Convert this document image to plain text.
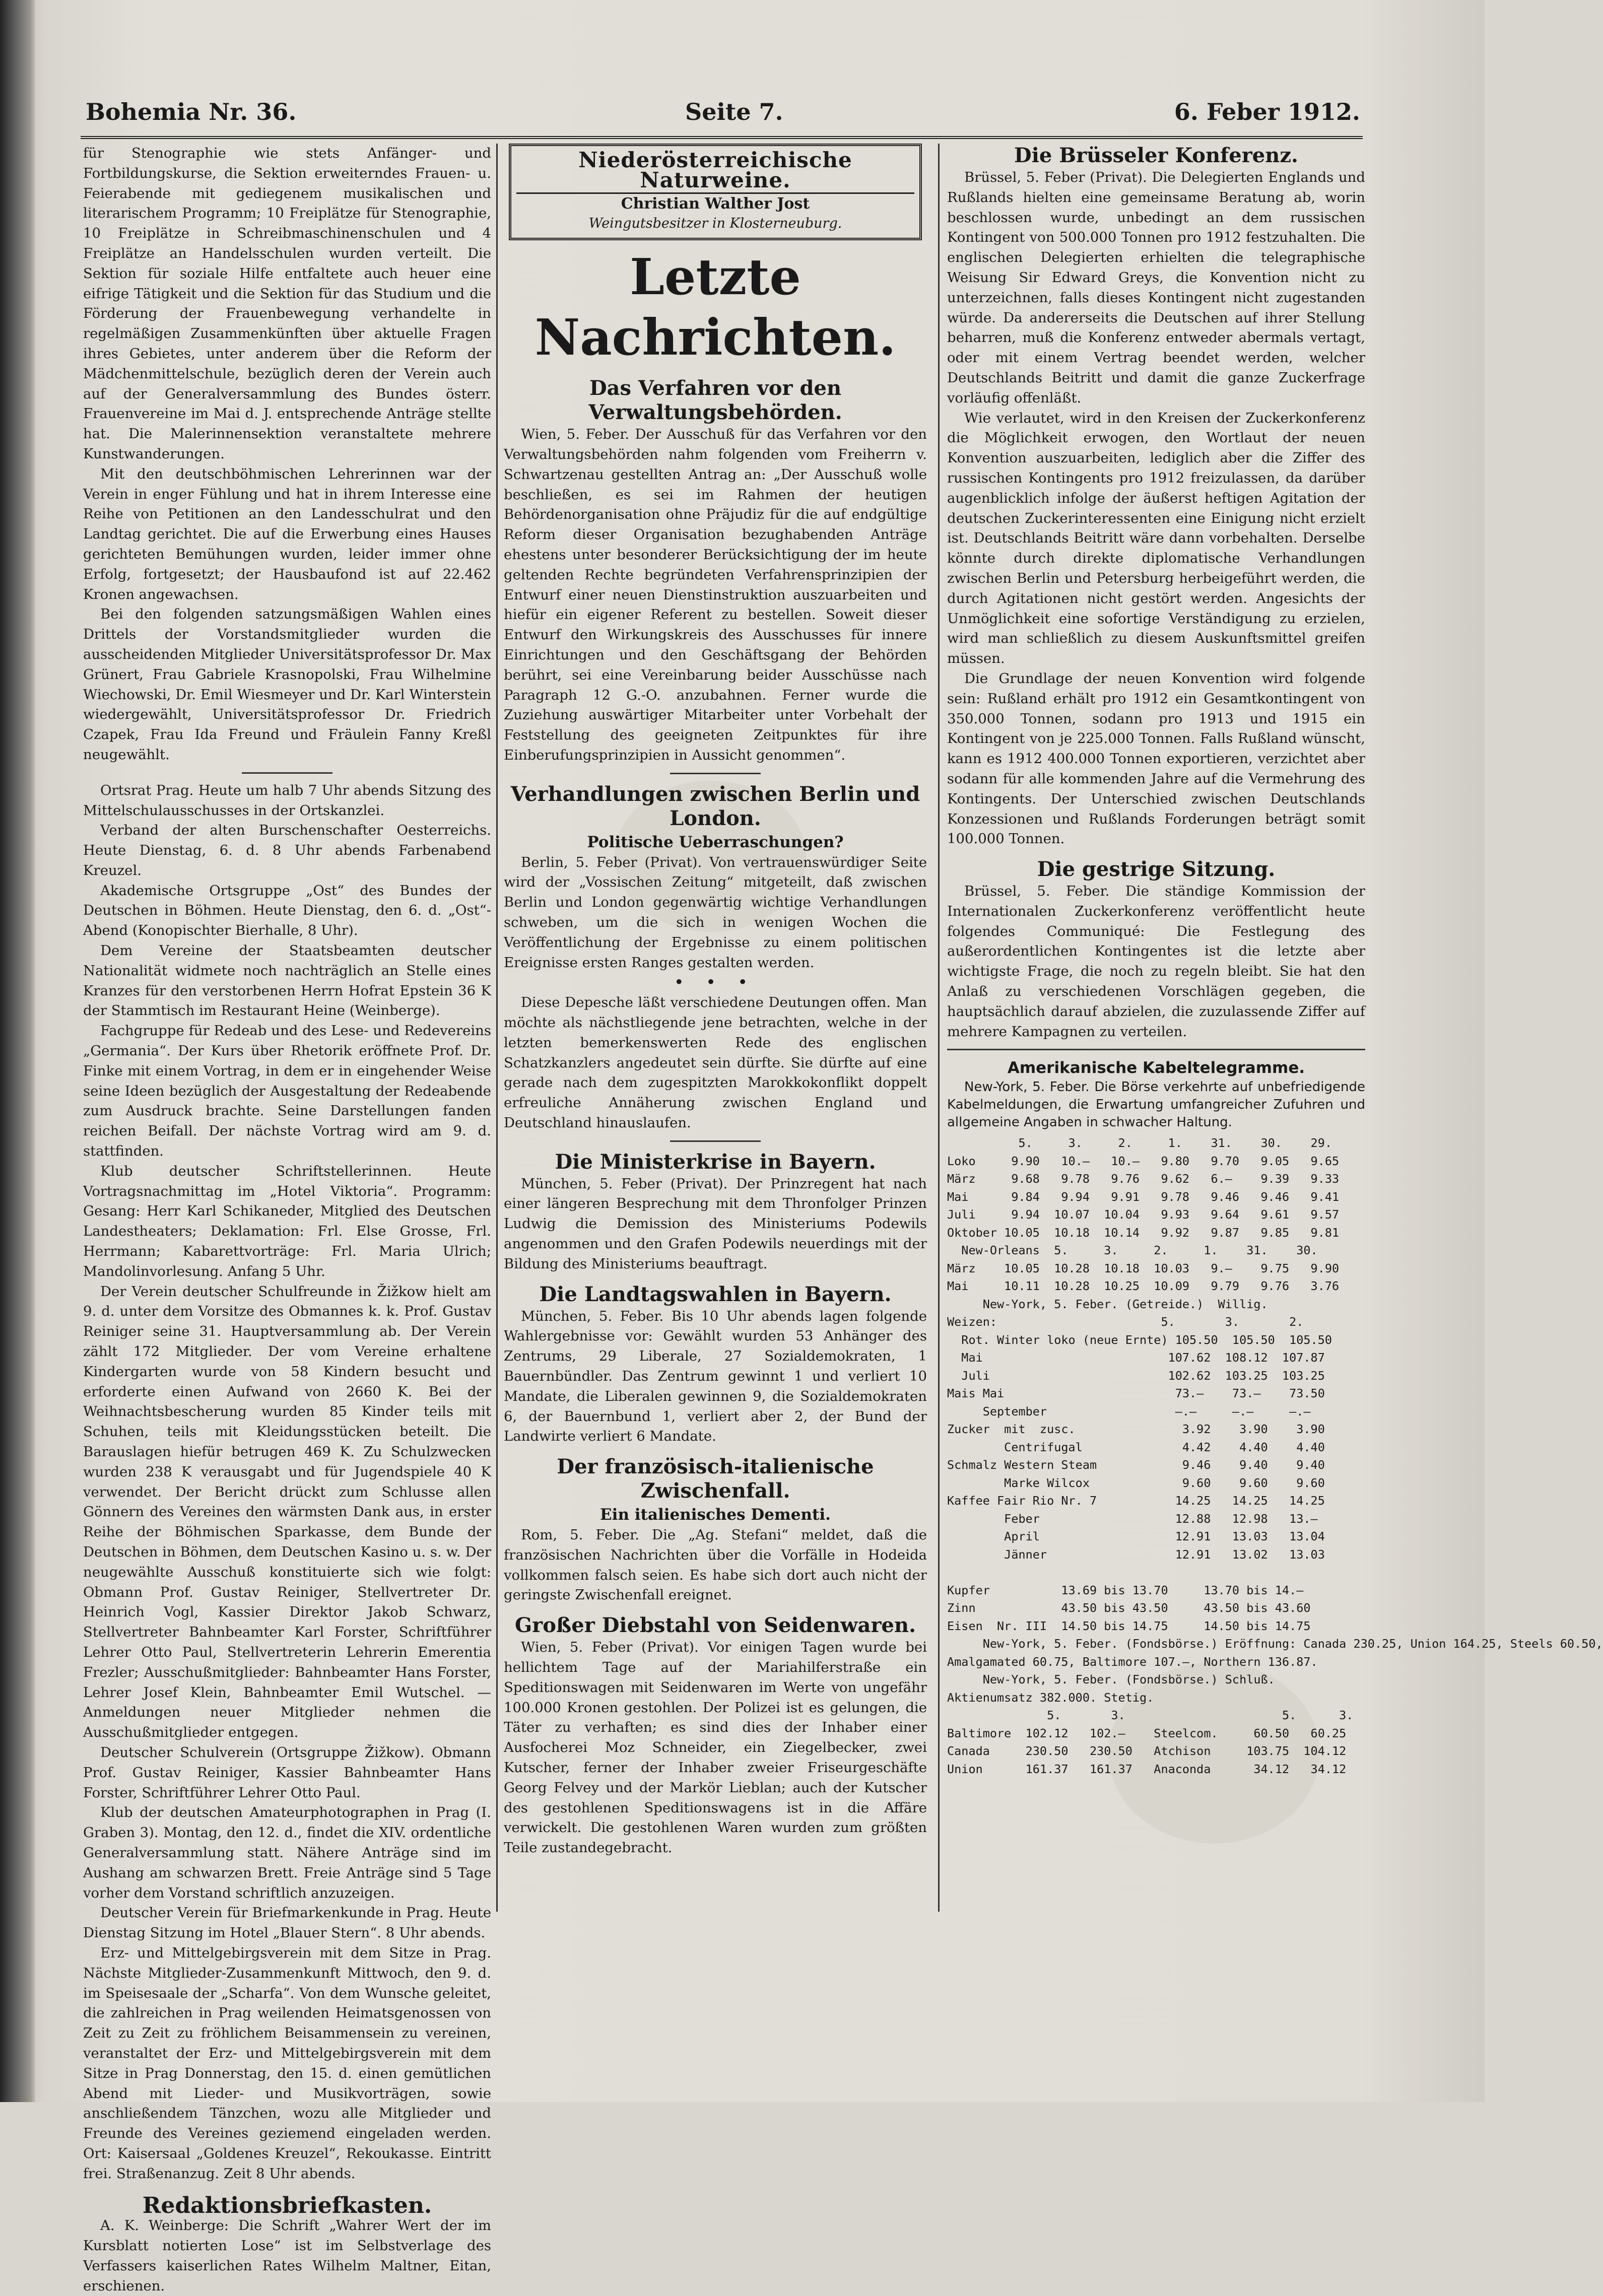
Bohemia Nr. 36.	Seite 7.	6. Feber 1912.

für Stenographie wie stets Anfänger- und Fortbildungskurse, die Sektion erweiterndes Frauen- u. Feierabende mit gediegenem musikalischen und literarischem Programm; 10 Freiplätze für Stenographie, 10 Freiplätze in Schreibmaschinenschulen und 4 Freiplätze an Handelsschulen wurden verteilt. Die Sektion für soziale Hilfe entfaltete auch heuer eine eifrige Tätigkeit und die Sektion für das Studium und die Förderung der Frauenbewegung verhandelte in regelmäßigen Zusammenkünften über aktuelle Fragen ihres Gebietes, unter anderem über die Reform der Mädchenmittelschule, bezüglich deren der Verein auch auf der Generalversammlung des Bundes österr. Frauenvereine im Mai d. J. entsprechende Anträge stellte hat. Die Malerinnensektion veranstaltete mehrere Kunstwanderungen.

Mit den deutschböhmischen Lehrerinnen war der Verein in enger Fühlung und hat in ihrem Interesse eine Reihe von Petitionen an den Landesschulrat und den Landtag gerichtet. Die auf die Erwerbung eines Hauses gerichteten Bemühungen wurden, leider immer ohne Erfolg, fortgesetzt; der Hausbaufond ist auf 22.462 Kronen angewachsen.

Bei den folgenden satzungsmäßigen Wahlen eines Drittels der Vorstandsmitglieder wurden die ausscheidenden Mitglieder Universitätsprofessor Dr. Max Grünert, Frau Gabriele Krasnopolski, Frau Wilhelmine Wiechowski, Dr. Emil Wiesmeyer und Dr. Karl Winterstein wiedergewählt, Universitätsprofessor Dr. Friedrich Czapek, Frau Ida Freund und Fräulein Fanny Kreßl neugewählt.

Ortsrat Prag. Heute um halb 7 Uhr abends Sitzung des Mittelschulausschusses in der Ortskanzlei.

Verband der alten Burschenschafter Oesterreichs. Heute Dienstag, 6. d. 8 Uhr abends Farbenabend Kreuzel.

Akademische Ortsgruppe „Ost“ des Bundes der Deutschen in Böhmen. Heute Dienstag, den 6. d. „Ost“-Abend (Konopischter Bierhalle, 8 Uhr).

Dem Vereine der Staatsbeamten deutscher Nationalität widmete noch nachträglich an Stelle eines Kranzes für den verstorbenen Herrn Hofrat Epstein 36 K der Stammtisch im Restaurant Heine (Weinberge).

Fachgruppe für Redeab und des Lese- und Redevereins „Germania“. Der Kurs über Rhetorik eröffnete Prof. Dr. Finke mit einem Vortrag, in dem er in eingehender Weise seine Ideen bezüglich der Ausgestaltung der Redeabende zum Ausdruck brachte. Seine Darstellungen fanden reichen Beifall. Der nächste Vortrag wird am 9. d. stattfinden.

Klub deutscher Schriftstellerinnen. Heute Vortragsnachmittag im „Hotel Viktoria“. Programm: Gesang: Herr Karl Schikaneder, Mitglied des Deutschen Landestheaters; Deklamation: Frl. Else Grosse, Frl. Herrmann; Kabarettvorträge: Frl. Maria Ulrich; Mandolinvorlesung. Anfang 5 Uhr.

Der Verein deutscher Schulfreunde in Žižkow hielt am 9. d. unter dem Vorsitze des Obmannes k. k. Prof. Gustav Reiniger seine 31. Hauptversammlung ab. Der Verein zählt 172 Mitglieder. Der vom Vereine erhaltene Kindergarten wurde von 58 Kindern besucht und erforderte einen Aufwand von 2660 K. Bei der Weihnachtsbescherung wurden 85 Kinder teils mit Schuhen, teils mit Kleidungsstücken beteilt. Die Barauslagen hiefür betrugen 469 K. Zu Schulzwecken wurden 238 K verausgabt und für Jugendspiele 40 K verwendet. Der Bericht drückt zum Schlusse allen Gönnern des Vereines den wärmsten Dank aus, in erster Reihe der Böhmischen Sparkasse, dem Bunde der Deutschen in Böhmen, dem Deutschen Kasino u. s. w. Der neugewählte Ausschuß konstituierte sich wie folgt: Obmann Prof. Gustav Reiniger, Stellvertreter Dr. Heinrich Vogl, Kassier Direktor Jakob Schwarz, Stellvertreter Bahnbeamter Karl Forster, Schriftführer Lehrer Otto Paul, Stellvertreterin Lehrerin Emerentia Frezler; Ausschußmitglieder: Bahnbeamter Hans Forster, Lehrer Josef Klein, Bahnbeamter Emil Wutschel. — Anmeldungen neuer Mitglieder nehmen die Ausschußmitglieder entgegen.

Deutscher Schulverein (Ortsgruppe Žižkow). Obmann Prof. Gustav Reiniger, Kassier Bahnbeamter Hans Forster, Schriftführer Lehrer Otto Paul.

Klub der deutschen Amateurphotographen in Prag (I. Graben 3). Montag, den 12. d., findet die XIV. ordentliche Generalversammlung statt. Nähere Anträge sind im Aushang am schwarzen Brett. Freie Anträge sind 5 Tage vorher dem Vorstand schriftlich anzuzeigen.

Deutscher Verein für Briefmarkenkunde in Prag. Heute Dienstag Sitzung im Hotel „Blauer Stern“. 8 Uhr abends.

Erz- und Mittelgebirgsverein mit dem Sitze in Prag. Nächste Mitglieder-Zusammenkunft Mittwoch, den 9. d. im Speisesaale der „Scharfa“. Von dem Wunsche geleitet, die zahlreichen in Prag weilenden Heimatsgenossen von Zeit zu Zeit zu fröhlichem Beisammensein zu vereinen, veranstaltet der Erz- und Mittelgebirgsverein mit dem Sitze in Prag Donnerstag, den 15. d. einen gemütlichen Abend mit Lieder- und Musikvorträgen, sowie anschließendem Tänzchen, wozu alle Mitglieder und Freunde des Vereines geziemend eingeladen werden. Ort: Kaisersaal „Goldenes Kreuzel“, Rekoukasse. Eintritt frei. Straßenanzug. Zeit 8 Uhr abends.

Redaktionsbriefkasten.

A. K. Weinberge: Die Schrift „Wahrer Wert der im Kursblatt notierten Lose“ ist im Selbstverlage des Verfassers kaiserlichen Rates Wilhelm Maltner, Eitan, erschienen.

Niederösterreichische Naturweine.
Christian Walther Jost
Weingutsbesitzer in Klosterneuburg.
Letzte Nachrichten.
Das Verfahren vor den Verwaltungsbehörden.

Wien, 5. Feber. Der Ausschuß für das Verfahren vor den Verwaltungsbehörden nahm folgenden vom Freiherrn v. Schwartzenau gestellten Antrag an: „Der Ausschuß wolle beschließen, es sei im Rahmen der heutigen Behördenorganisation ohne Präjudiz für die auf endgültige Reform dieser Organisation bezughabenden Anträge ehestens unter besonderer Berücksichtigung der im heute geltenden Rechte begründeten Verfahrensprinzipien der Entwurf einer neuen Dienstinstruktion auszuarbeiten und hiefür ein eigener Referent zu bestellen. Soweit dieser Entwurf den Wirkungskreis des Ausschusses für innere Einrichtungen und den Geschäftsgang der Behörden berührt, sei eine Vereinbarung beider Ausschüsse nach Paragraph 12 G.-O. anzubahnen. Ferner wurde die Zuziehung auswärtiger Mitarbeiter unter Vorbehalt der Feststellung des geeigneten Zeitpunktes für ihre Einberufungsprinzipien in Aussicht genommen“.

Verhandlungen zwischen Berlin und London.
Politische Ueberraschungen?

Berlin, 5. Feber (Privat). Von vertrauenswürdiger Seite wird der „Vossischen Zeitung“ mitgeteilt, daß zwischen Berlin und London gegenwärtig wichtige Verhandlungen schweben, um die sich in wenigen Wochen die Veröffentlichung der Ergebnisse zu einem politischen Ereignisse ersten Ranges gestalten werden.

• • •

Diese Depesche läßt verschiedene Deutungen offen. Man möchte als nächstliegende jene betrachten, welche in der letzten bemerkenswerten Rede des englischen Schatzkanzlers angedeutet sein dürfte. Sie dürfte auf eine gerade nach dem zugespitzten Marokkokonflikt doppelt erfreuliche Annäherung zwischen England und Deutschland hinauslaufen.

Die Ministerkrise in Bayern.

München, 5. Feber (Privat). Der Prinzregent hat nach einer längeren Besprechung mit dem Thronfolger Prinzen Ludwig die Demission des Ministeriums Podewils angenommen und den Grafen Podewils neuerdings mit der Bildung des Ministeriums beauftragt.

Die Landtagswahlen in Bayern.

München, 5. Feber. Bis 10 Uhr abends lagen folgende Wahlergebnisse vor: Gewählt wurden 53 Anhänger des Zentrums, 29 Liberale, 27 Sozialdemokraten, 1 Bauernbündler. Das Zentrum gewinnt 1 und verliert 10 Mandate, die Liberalen gewinnen 9, die Sozialdemokraten 6, der Bauernbund 1, verliert aber 2, der Bund der Landwirte verliert 6 Mandate.

Der französisch-italienische Zwischenfall.
Ein italienisches Dementi.

Rom, 5. Feber. Die „Ag. Stefani“ meldet, daß die französischen Nachrichten über die Vorfälle in Hodeida vollkommen falsch seien. Es habe sich dort auch nicht der geringste Zwischenfall ereignet.

Großer Diebstahl von Seidenwaren.

Wien, 5. Feber (Privat). Vor einigen Tagen wurde bei hellichtem Tage auf der Mariahilferstraße ein Speditionswagen mit Seidenwaren im Werte von ungefähr 100.000 Kronen gestohlen. Der Polizei ist es gelungen, die Täter zu verhaften; es sind dies der Inhaber einer Ausfocherei Moz Schneider, ein Ziegelbecker, zwei Kutscher, ferner der Inhaber zweier Friseurgeschäfte Georg Felvey und der Markör Lieblan; auch der Kutscher des gestohlenen Speditionswagens ist in die Affäre verwickelt. Die gestohlenen Waren wurden zum größten Teile zustandegebracht.

Die Brüsseler Konferenz.

Brüssel, 5. Feber (Privat). Die Delegierten Englands und Rußlands hielten eine gemeinsame Beratung ab, worin beschlossen wurde, unbedingt an dem russischen Kontingent von 500.000 Tonnen pro 1912 festzuhalten. Die englischen Delegierten erhielten die telegraphische Weisung Sir Edward Greys, die Konvention nicht zu unterzeichnen, falls dieses Kontingent nicht zugestanden würde. Da andererseits die Deutschen auf ihrer Stellung beharren, muß die Konferenz entweder abermals vertagt, oder mit einem Vertrag beendet werden, welcher Deutschlands Beitritt und damit die ganze Zuckerfrage vorläufig offenläßt.

Wie verlautet, wird in den Kreisen der Zuckerkonferenz die Möglichkeit erwogen, den Wortlaut der neuen Konvention auszuarbeiten, lediglich aber die Ziffer des russischen Kontingents pro 1912 freizulassen, da darüber augenblicklich infolge der äußerst heftigen Agitation der deutschen Zuckerinteressenten eine Einigung nicht erzielt ist. Deutschlands Beitritt wäre dann vorbehalten. Derselbe könnte durch direkte diplomatische Verhandlungen zwischen Berlin und Petersburg herbeigeführt werden, die durch Agitationen nicht gestört werden. Angesichts der Unmöglichkeit eine sofortige Verständigung zu erzielen, wird man schließlich zu diesem Auskunftsmittel greifen müssen.

Die Grundlage der neuen Konvention wird folgende sein: Rußland erhält pro 1912 ein Gesamtkontingent von 350.000 Tonnen, sodann pro 1913 und 1915 ein Kontingent von je 225.000 Tonnen. Falls Rußland wünscht, kann es 1912 400.000 Tonnen exportieren, verzichtet aber sodann für alle kommenden Jahre auf die Vermehrung des Kontingents. Der Unterschied zwischen Deutschlands Konzessionen und Rußlands Forderungen beträgt somit 100.000 Tonnen.

Die gestrige Sitzung.

Brüssel, 5. Feber. Die ständige Kommission der Internationalen Zuckerkonferenz veröffentlicht heute folgendes Communiqué: Die Festlegung des außerordentlichen Kontingentes ist die letzte aber wichtigste Frage, die noch zu regeln bleibt. Sie hat den Anlaß zu verschiedenen Vorschlägen gegeben, die hauptsächlich darauf abzielen, die zuzulassende Ziffer auf mehrere Kampagnen zu verteilen.

Amerikanische Kabeltelegramme.

New-York, 5. Feber. Die Börse verkehrte auf unbefriedigende Kabelmeldungen, die Erwartung umfangreicher Zufuhren und allgemeine Angaben in schwacher Haltung.

5.     3.     2.     1.    31.    30.    29.
Loko     9.90   10.—   10.—   9.80   9.70   9.05   9.65
März     9.68   9.78   9.76   9.62   6.—    9.39   9.33
Mai      9.84   9.94   9.91   9.78   9.46   9.46   9.41
Juli     9.94  10.07  10.04   9.93   9.64   9.61   9.57
Oktober 10.05  10.18  10.14   9.92   9.87   9.85   9.81
New-Orleans  5.     3.     2.     1.    31.    30.
März    10.05  10.28  10.18  10.03   9.—    9.75   9.90
Mai     10.11  10.28  10.25  10.09   9.79   9.76   3.76
New-York, 5. Feber. (Getreide.)  Willig.
Weizen:                       5.       3.       2.
Rot. Winter loko (neue Ernte) 105.50  105.50  105.50
Mai                          107.62  108.12  107.87
Juli                         102.62  103.25  103.25
Mais Mai                        73.—    73.—    73.50
September                  —.—     —.—     —.—
Zucker  mit  zusc.               3.92    3.90    3.90
Centrifugal              4.42    4.40    4.40
Schmalz Western Steam            9.46    9.40    9.40
Marke Wilcox             9.60    9.60    9.60
Kaffee Fair Rio Nr. 7           14.25   14.25   14.25
Feber                   12.88   12.98   13.—
April                   12.91   13.03   13.04
Jänner                  12.91   13.02   13.03

Kupfer          13.69 bis 13.70     13.70 bis 14.—
Zinn            43.50 bis 43.50     43.50 bis 43.60
Eisen  Nr. III  14.50 bis 14.75     14.50 bis 14.75
New-York, 5. Feber. (Fondsbörse.) Eröffnung: Canada 230.25, Union 164.25, Steels 60.50,
Amalgamated 60.75, Baltimore 107.—, Northern 136.87.
New-York, 5. Feber. (Fondsbörse.) Schluß.
Aktienumsatz 382.000. Stetig.
5.       3.                      5.      3.
Baltimore  102.12   102.—    Steelcom.     60.50   60.25
Canada     230.50   230.50   Atchison     103.75  104.12
Union      161.37   161.37   Anaconda      34.12   34.12
